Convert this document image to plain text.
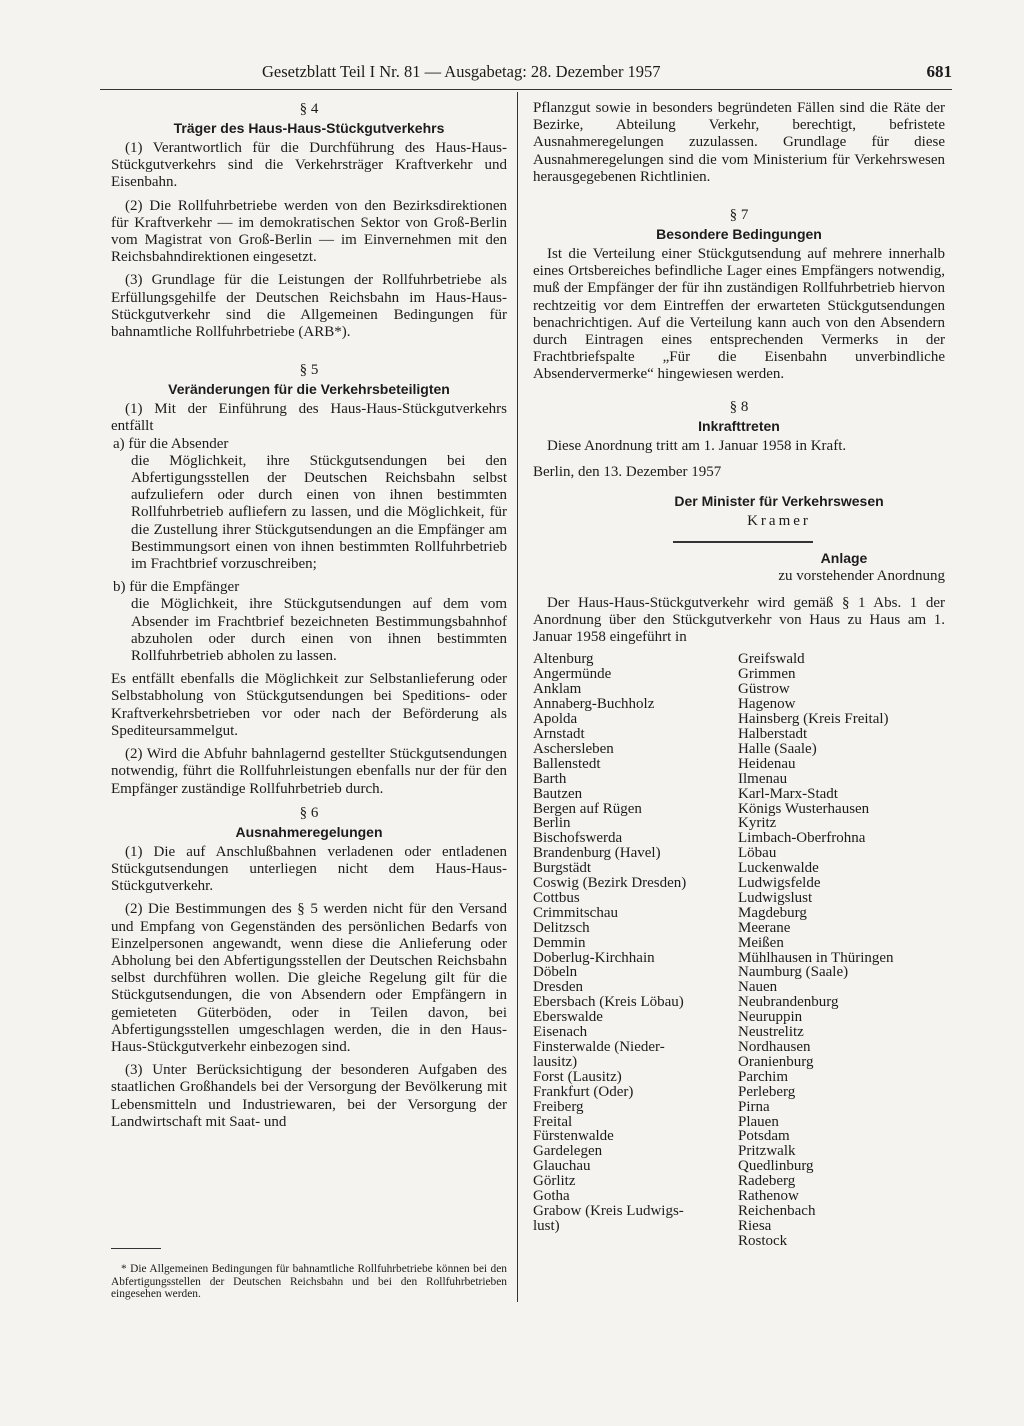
Gesetzblatt Teil I Nr. 81 — Ausgabetag: 28. Dezember 1957	681
§ 4
Träger des Haus-Haus-Stückgutverkehrs

(1) Verantwortlich für die Durchführung des Haus-Haus-Stückgutverkehrs sind die Verkehrsträger Kraftverkehr und Eisenbahn.

(2) Die Rollfuhrbetriebe werden von den Bezirksdirektionen für Kraftverkehr — im demokratischen Sektor von Groß-Berlin vom Magistrat von Groß-Berlin — im Einvernehmen mit den Reichsbahndirektionen eingesetzt.

(3) Grundlage für die Leistungen der Rollfuhrbetriebe als Erfüllungsgehilfe der Deutschen Reichsbahn im Haus-Haus-Stückgutverkehr sind die Allgemeinen Bedingungen für bahnamtliche Rollfuhrbetriebe (ARB*).

§ 5
Veränderungen für die Verkehrsbeteiligten

(1) Mit der Einführung des Haus-Haus-Stückgutverkehrs entfällt

a) für die Absender

die Möglichkeit, ihre Stückgutsendungen bei den Abfertigungsstellen der Deutschen Reichsbahn selbst aufzuliefern oder durch einen von ihnen bestimmten Rollfuhrbetrieb aufliefern zu lassen, und die Möglichkeit, für die Zustellung ihrer Stückgutsendungen an die Empfänger am Bestimmungsort einen von ihnen bestimmten Rollfuhrbetrieb im Frachtbrief vorzuschreiben;

b) für die Empfänger

die Möglichkeit, ihre Stückgutsendungen auf dem vom Absender im Frachtbrief bezeichneten Bestimmungsbahnhof abzuholen oder durch einen von ihnen bestimmten Rollfuhrbetrieb abholen zu lassen.

Es entfällt ebenfalls die Möglichkeit zur Selbstanlieferung oder Selbstabholung von Stückgutsendungen bei Speditions- oder Kraftverkehrsbetrieben vor oder nach der Beförderung als Spediteursammelgut.

(2) Wird die Abfuhr bahnlagernd gestellter Stückgutsendungen notwendig, führt die Rollfuhrleistungen ebenfalls nur der für den Empfänger zuständige Rollfuhrbetrieb durch.

§ 6
Ausnahmeregelungen

(1) Die auf Anschlußbahnen verladenen oder entladenen Stückgutsendungen unterliegen nicht dem Haus-Haus-Stückgutverkehr.

(2) Die Bestimmungen des § 5 werden nicht für den Versand und Empfang von Gegenständen des persönlichen Bedarfs von Einzelpersonen angewandt, wenn diese die Anlieferung oder Abholung bei den Abfertigungsstellen der Deutschen Reichsbahn selbst durchführen wollen. Die gleiche Regelung gilt für die Stückgutsendungen, die von Absendern oder Empfängern in gemieteten Güterböden, oder in Teilen davon, bei Abfertigungsstellen umgeschlagen werden, die in den Haus-Haus-Stückgutverkehr einbezogen sind.

(3) Unter Berücksichtigung der besonderen Aufgaben des staatlichen Großhandels bei der Versorgung der Bevölkerung mit Lebensmitteln und Industriewaren, bei der Versorgung der Landwirtschaft mit Saat- und

* Die Allgemeinen Bedingungen für bahnamtliche Rollfuhrbetriebe können bei den Abfertigungsstellen der Deutschen Reichsbahn und bei den Rollfuhrbetrieben eingesehen werden.

Pflanzgut sowie in besonders begründeten Fällen sind die Räte der Bezirke, Abteilung Verkehr, berechtigt, befristete Ausnahmeregelungen zuzulassen. Grundlage für diese Ausnahmeregelungen sind die vom Ministerium für Verkehrswesen herausgegebenen Richtlinien.

§ 7
Besondere Bedingungen

Ist die Verteilung einer Stückgutsendung auf mehrere innerhalb eines Ortsbereiches befindliche Lager eines Empfängers notwendig, muß der Empfänger der für ihn zuständigen Rollfuhrbetrieb hiervon rechtzeitig vor dem Eintreffen der erwarteten Stückgutsendungen benachrichtigen. Auf die Verteilung kann auch von den Absendern durch Eintragen eines entsprechenden Vermerks in der Frachtbriefspalte „Für die Eisenbahn unverbindliche Absendervermerke“ hingewiesen werden.

§ 8
Inkrafttreten

Diese Anordnung tritt am 1. Januar 1958 in Kraft.

Berlin, den 13. Dezember 1957
Der Minister für Verkehrswesen
Kramer
Anlage
zu vorstehender Anordnung

Der Haus-Haus-Stückgutverkehr wird gemäß § 1 Abs. 1 der Anordnung über den Stückgutverkehr von Haus zu Haus am 1. Januar 1958 eingeführt in

Altenburg
Angermünde
Anklam
Annaberg-Buchholz
Apolda
Arnstadt
Aschersleben
Ballenstedt
Barth
Bautzen
Bergen auf Rügen
Berlin
Bischofswerda
Brandenburg (Havel)
Burgstädt
Coswig (Bezirk Dresden)
Cottbus
Crimmitschau
Delitzsch
Demmin
Doberlug-Kirchhain
Döbeln
Dresden
Ebersbach (Kreis Löbau)
Eberswalde
Eisenach
Finsterwalde (Nieder-
lausitz)
Forst (Lausitz)
Frankfurt (Oder)
Freiberg
Freital
Fürstenwalde
Gardelegen
Glauchau
Görlitz
Gotha
Grabow (Kreis Ludwigs-
lust)
Greifswald
Grimmen
Güstrow
Hagenow
Hainsberg (Kreis Freital)
Halberstadt
Halle (Saale)
Heidenau
Ilmenau
Karl-Marx-Stadt
Königs Wusterhausen
Kyritz
Limbach-Oberfrohna
Löbau
Luckenwalde
Ludwigsfelde
Ludwigslust
Magdeburg
Meerane
Meißen
Mühlhausen in Thüringen
Naumburg (Saale)
Nauen
Neubrandenburg
Neuruppin
Neustrelitz
Nordhausen
Oranienburg
Parchim
Perleberg
Pirna
Plauen
Potsdam
Pritzwalk
Quedlinburg
Radeberg
Rathenow
Reichenbach
Riesa
Rostock
